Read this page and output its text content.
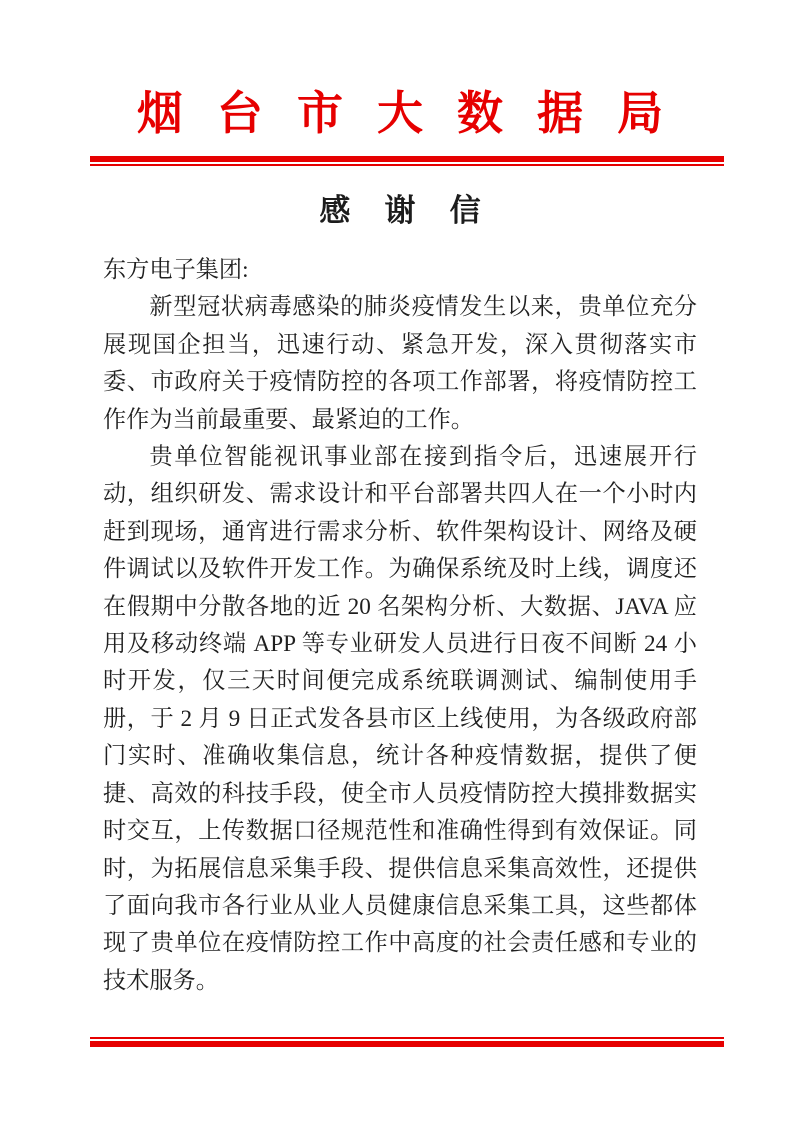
烟台市大数据局
感谢信

东方电子集团:

新型冠状病毒感染的肺炎疫情发生以来，贵单位充分展现国企担当，迅速行动、紧急开发，深入贯彻落实市委、市政府关于疫情防控的各项工作部署，将疫情防控工作作为当前最重要、最紧迫的工作。

贵单位智能视讯事业部在接到指令后，迅速展开行动，组织研发、需求设计和平台部署共四人在一个小时内赶到现场，通宵进行需求分析、软件架构设计、网络及硬件调试以及软件开发工作。为确保系统及时上线，调度还在假期中分散各地的近 20 名架构分析、大数据、JAVA 应用及移动终端 APP 等专业研发人员进行日夜不间断 24 小时开发，仅三天时间便完成系统联调测试、编制使用手册，于 2 月 9 日正式发各县市区上线使用，为各级政府部门实时、准确收集信息，统计各种疫情数据，提供了便捷、高效的科技手段，使全市人员疫情防控大摸排数据实时交互，上传数据口径规范性和准确性得到有效保证。同时，为拓展信息采集手段、提供信息采集高效性，还提供了面向我市各行业从业人员健康信息采集工具，这些都体现了贵单位在疫情防控工作中高度的社会责任感和专业的技术服务。
